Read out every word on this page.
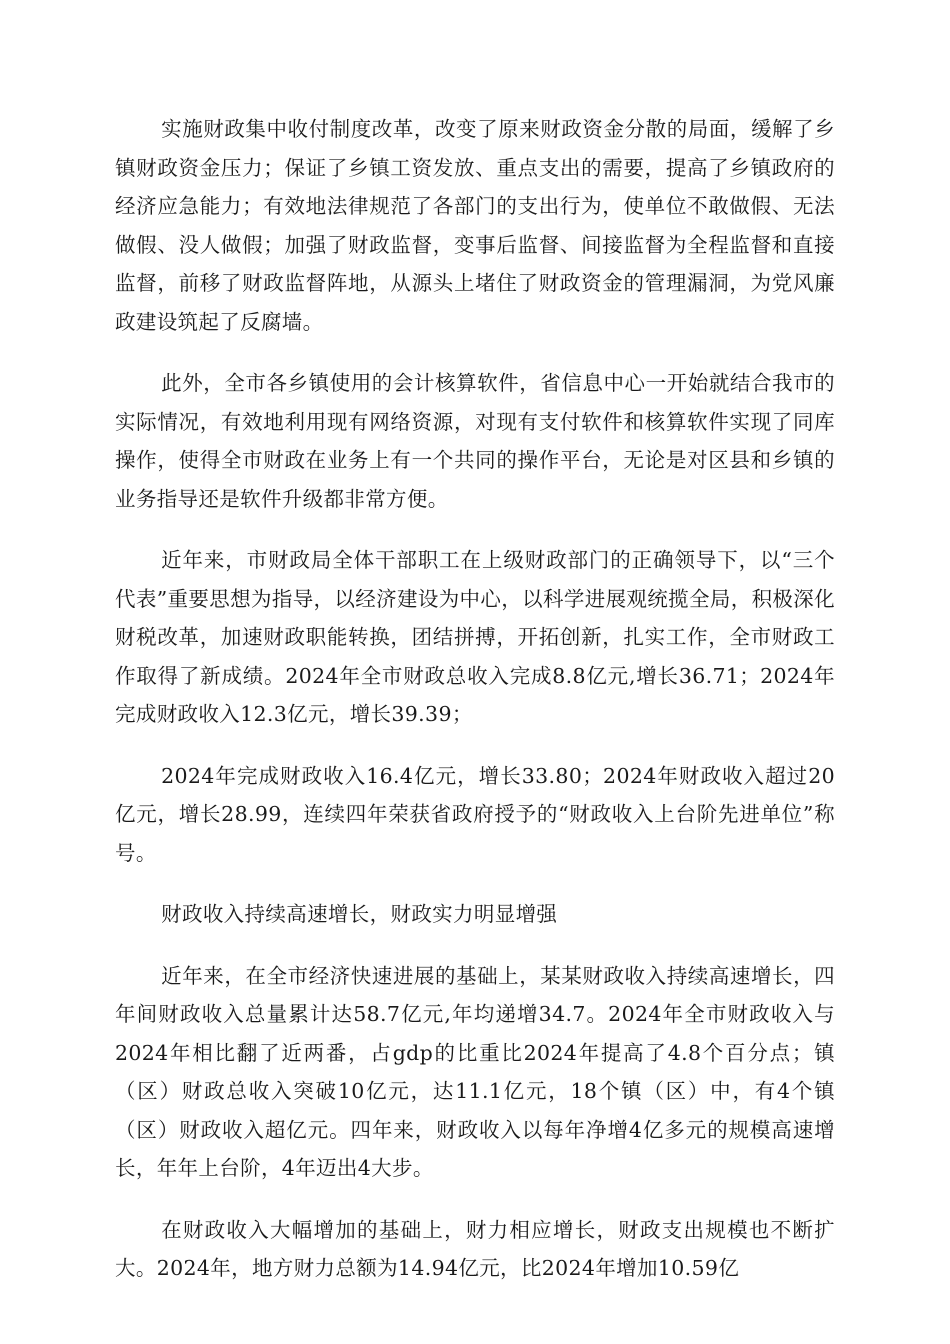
实施财政集中收付制度改革，改变了原来财政资金分散的局面，缓解了乡镇财政资金压力；保证了乡镇工资发放、重点支出的需要，提高了乡镇政府的经济应急能力；有效地法律规范了各部门的支出行为，使单位不敢做假、无法做假、没人做假；加强了财政监督，变事后监督、间接监督为全程监督和直接监督，前移了财政监督阵地，从源头上堵住了财政资金的管理漏洞，为党风廉政建设筑起了反腐墙。

此外，全市各乡镇使用的会计核算软件，省信息中心一开始就结合我市的实际情况，有效地利用现有网络资源，对现有支付软件和核算软件实现了同库操作，使得全市财政在业务上有一个共同的操作平台，无论是对区县和乡镇的业务指导还是软件升级都非常方便。

近年来，市财政局全体干部职工在上级财政部门的正确领导下，以“三个代表”重要思想为指导，以经济建设为中心，以科学进展观统揽全局，积极深化财税改革，加速财政职能转换，团结拼搏，开拓创新，扎实工作，全市财政工作取得了新成绩。2024年全市财政总收入完成8.8亿元,增长36.71；2024年完成财政收入12.3亿元，增长39.39；

2024年完成财政收入16.4亿元，增长33.80；2024年财政收入超过20亿元，增长28.99，连续四年荣获省政府授予的“财政收入上台阶先进单位”称号。

财政收入持续高速增长，财政实力明显增强

近年来，在全市经济快速进展的基础上，某某财政收入持续高速增长，四年间财政收入总量累计达58.7亿元,年均递增34.7。2024年全市财政收入与2024年相比翻了近两番，占gdp的比重比2024年提高了4.8个百分点；镇（区）财政总收入突破10亿元，达11.1亿元，18个镇（区）中，有4个镇（区）财政收入超亿元。四年来，财政收入以每年净增4亿多元的规模高速增长，年年上台阶，4年迈出4大步。

在财政收入大幅增加的基础上，财力相应增长，财政支出规模也不断扩大。2024年，地方财力总额为14.94亿元，比2024年增加10.59亿
